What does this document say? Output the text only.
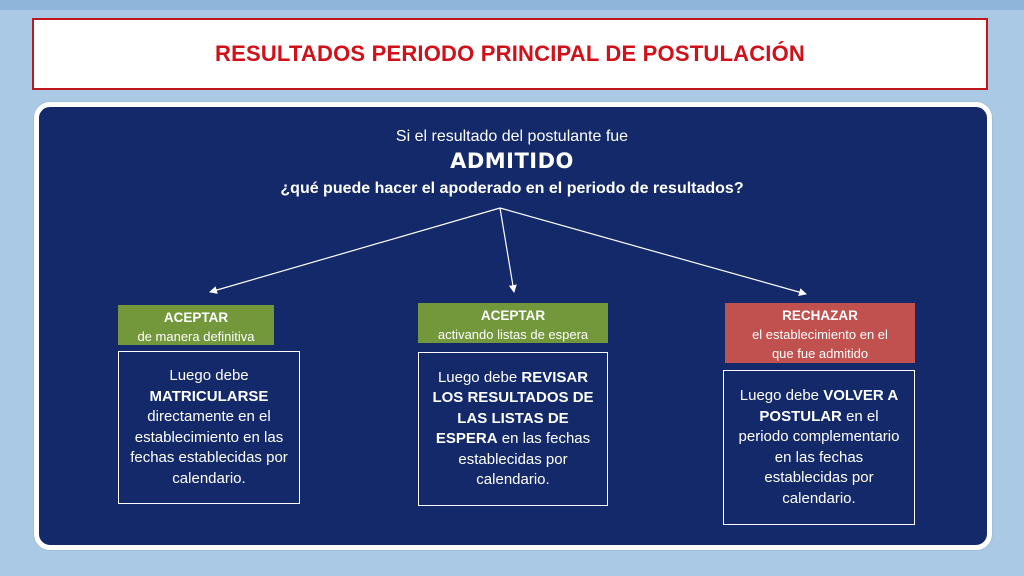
RESULTADOS PERIODO PRINCIPAL DE POSTULACIÓN
Si el resultado del postulante fue
ADMITIDO
¿qué puede hacer el apoderado en el periodo de resultados?
ACEPTAR
de manera definitiva
Luego debe
MATRICULARSE
directamente en el establecimiento en las fechas establecidas por calendario.
ACEPTAR
activando listas de espera
Luego debe REVISAR LOS RESULTADOS DE LAS LISTAS DE ESPERA en las fechas establecidas por calendario.
RECHAZAR
el establecimiento en el que fue admitido
Luego debe VOLVER A POSTULAR en el periodo complementario en las fechas establecidas por calendario.
